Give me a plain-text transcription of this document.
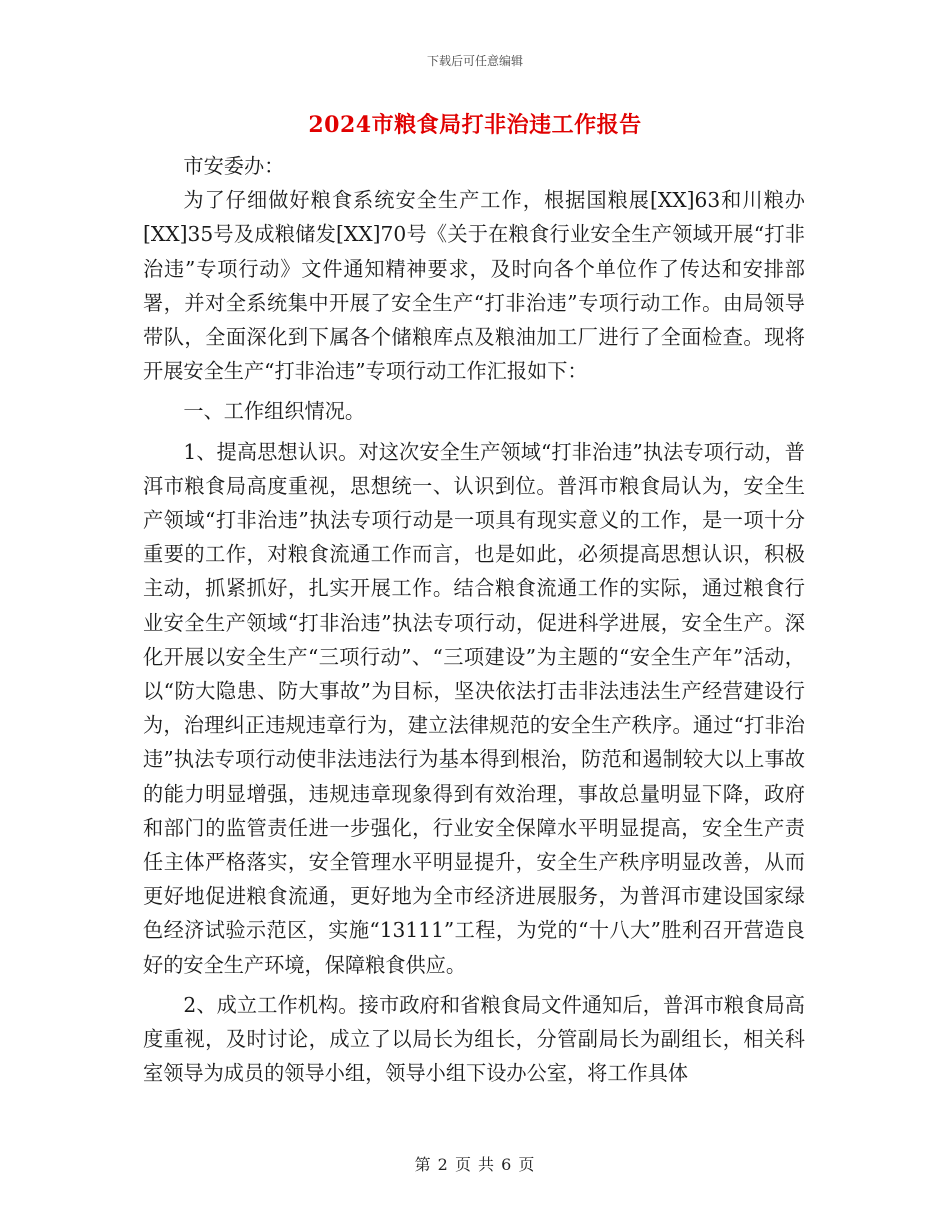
下载后可任意编辑
2024市粮食局打非治违工作报告

市安委办：

为了仔细做好粮食系统安全生产工作，根据国粮展[XX]63和川粮办[XX]35号及成粮储发[XX]70号《关于在粮食行业安全生产领域开展“打非治违”专项行动》文件通知精神要求，及时向各个单位作了传达和安排部署，并对全系统集中开展了安全生产“打非治违”专项行动工作。由局领导带队，全面深化到下属各个储粮库点及粮油加工厂进行了全面检查。现将开展安全生产“打非治违”专项行动工作汇报如下：

一、工作组织情况。

1、提高思想认识。对这次安全生产领域“打非治违”执法专项行动，普洱市粮食局高度重视，思想统一、认识到位。普洱市粮食局认为，安全生产领域“打非治违”执法专项行动是一项具有现实意义的工作，是一项十分重要的工作，对粮食流通工作而言，也是如此，必须提高思想认识，积极主动，抓紧抓好，扎实开展工作。结合粮食流通工作的实际，通过粮食行业安全生产领域“打非治违”执法专项行动，促进科学进展，安全生产。深化开展以安全生产“三项行动”、“三项建设”为主题的“安全生产年”活动，以“防大隐患、防大事故”为目标，坚决依法打击非法违法生产经营建设行为，治理纠正违规违章行为，建立法律规范的安全生产秩序。通过“打非治违”执法专项行动使非法违法行为基本得到根治，防范和遏制较大以上事故的能力明显增强，违规违章现象得到有效治理，事故总量明显下降，政府和部门的监管责任进一步强化，行业安全保障水平明显提高，安全生产责任主体严格落实，安全管理水平明显提升，安全生产秩序明显改善，从而更好地促进粮食流通，更好地为全市经济进展服务，为普洱市建设国家绿色经济试验示范区，实施“13111”工程，为党的“十八大”胜利召开营造良好的安全生产环境，保障粮食供应。

2、成立工作机构。接市政府和省粮食局文件通知后，普洱市粮食局高度重视，及时讨论，成立了以局长为组长，分管副局长为副组长，相关科室领导为成员的领导小组，领导小组下设办公室，将工作具体

第 2 页 共 6 页
